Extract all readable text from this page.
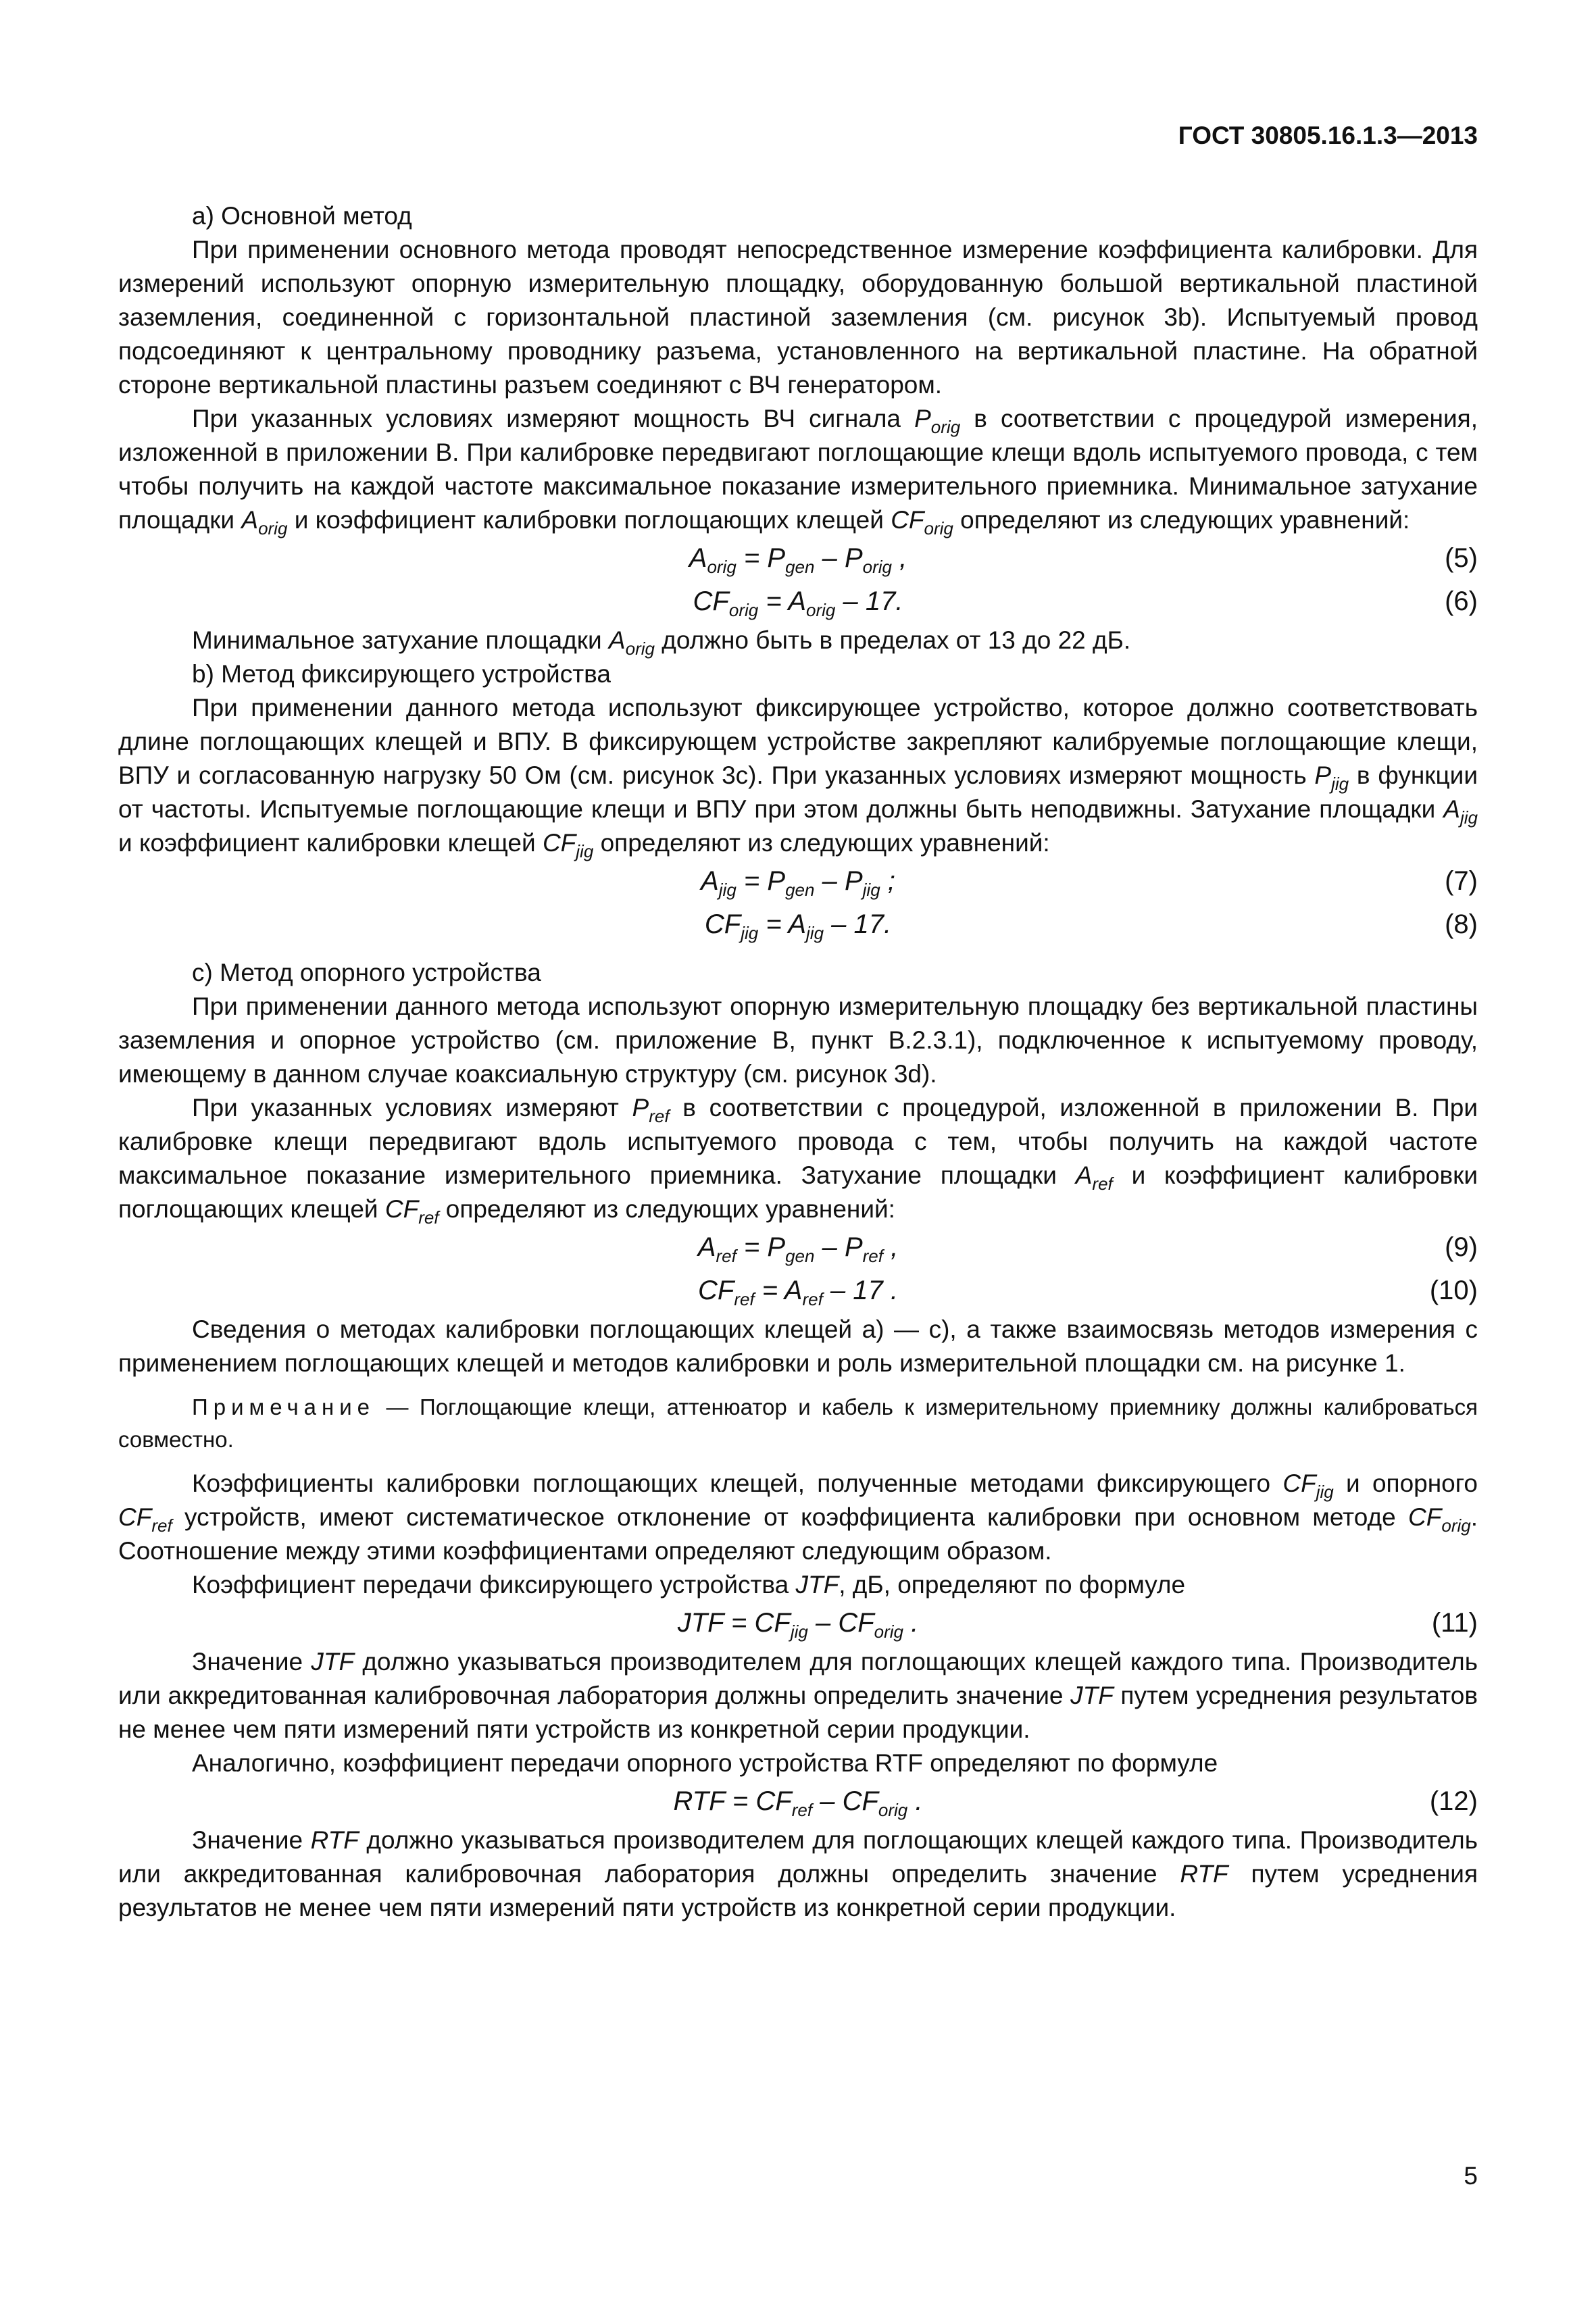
ГОСТ 30805.16.1.3—2013

a) Основной метод

При применении основного метода проводят непосредственное измерение коэффициента калибровки. Для измерений используют опорную измерительную площадку, оборудованную большой вертикальной пластиной заземления, соединенной с горизонтальной пластиной заземления (см. рисунок 3b). Испытуемый провод подсоединяют к центральному проводнику разъема, установленного на вертикальной пластине. На обратной стороне вертикальной пластины разъем соединяют с ВЧ генератором.

При указанных условиях измеряют мощность ВЧ сигнала $P_{orig}$ в соответствии с процедурой измерения, изложенной в приложении В. При калибровке передвигают поглощающие клещи вдоль испытуемого провода, с тем чтобы получить на каждой частоте максимальное показание измерительного приемника. Минимальное затухание площадки $A_{orig}$ и коэффициент калибровки поглощающих клещей $CF_{orig}$ определяют из следующих уравнений:

$A_{orig} = P_{gen} - P_{orig}$ ,	(5)
$CF_{orig} = A_{orig} - 17$.	(6)

Минимальное затухание площадки $A_{orig}$ должно быть в пределах от 13 до 22 дБ.

b) Метод фиксирующего устройства

При применении данного метода используют фиксирующее устройство, которое должно соответствовать длине поглощающих клещей и ВПУ. В фиксирующем устройстве закрепляют калибруемые поглощающие клещи, ВПУ и согласованную нагрузку 50 Ом (см. рисунок 3c). При указанных условиях измеряют мощность $P_{jig}$ в функции от частоты. Испытуемые поглощающие клещи и ВПУ при этом должны быть неподвижны. Затухание площадки $A_{jig}$ и коэффициент калибровки клещей $CF_{jig}$ определяют из следующих уравнений:

$A_{jig} = P_{gen} - P_{jig}$ ;	(7)
$CF_{jig} = A_{jig} - 17$.	(8)

c) Метод опорного устройства

При применении данного метода используют опорную измерительную площадку без вертикальной пластины заземления и опорное устройство (см. приложение В, пункт В.2.3.1), подключенное к испытуемому проводу, имеющему в данном случае коаксиальную структуру (см. рисунок 3d).

При указанных условиях измеряют $P_{ref}$ в соответствии с процедурой, изложенной в приложении В. При калибровке клещи передвигают вдоль испытуемого провода с тем, чтобы получить на каждой частоте максимальное показание измерительного приемника. Затухание площадки $A_{ref}$ и коэффициент калибровки поглощающих клещей $CF_{ref}$ определяют из следующих уравнений:

$A_{ref} = P_{gen} - P_{ref}$ ,	(9)
$CF_{ref} = A_{ref} - 17$ .	(10)

Сведения о методах калибровки поглощающих клещей a) — c), а также взаимосвязь методов измерения с применением поглощающих клещей и методов калибровки и роль измерительной площадки см. на рисунке 1.

Примечание — Поглощающие клещи, аттенюатор и кабель к измерительному приемнику должны калиброваться совместно.

Коэффициенты калибровки поглощающих клещей, полученные методами фиксирующего $CF_{jig}$ и опорного $CF_{ref}$ устройств, имеют систематическое отклонение от коэффициента калибровки при основном методе $CF_{orig}$. Соотношение между этими коэффициентами определяют следующим образом.

Коэффициент передачи фиксирующего устройства JTF, дБ, определяют по формуле

JTF = $CF_{jig} - CF_{orig}$ .	(11)

Значение JTF должно указываться производителем для поглощающих клещей каждого типа. Производитель или аккредитованная калибровочная лаборатория должны определить значение JTF путем усреднения результатов не менее чем пяти измерений пяти устройств из конкретной серии продукции.

Аналогично, коэффициент передачи опорного устройства RTF определяют по формуле

RTF = $CF_{ref} - CF_{orig}$ .	(12)

Значение RTF должно указываться производителем для поглощающих клещей каждого типа. Производитель или аккредитованная калибровочная лаборатория должны определить значение RTF путем усреднения результатов не менее чем пяти измерений пяти устройств из конкретной серии продукции.

5
